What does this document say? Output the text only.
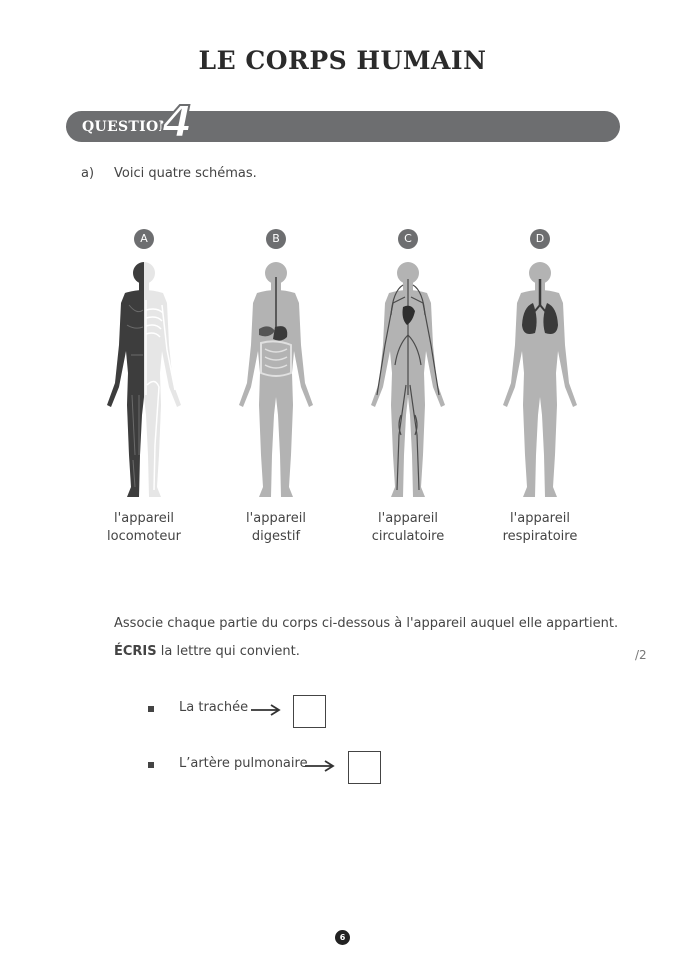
LE CORPS HUMAIN
QUESTION
4
a) Voici quatre schémas.
A
l'appareil
locomoteur
B
l'appareil
digestif
C
l'appareil
circulatoire
D
l'appareil
respiratoire
Associe chaque partie du corps ci-dessous à l'appareil auquel elle appartient.
ÉCRIS la lettre qui convient.	/2
La trachée
L’artère pulmonaire
6
